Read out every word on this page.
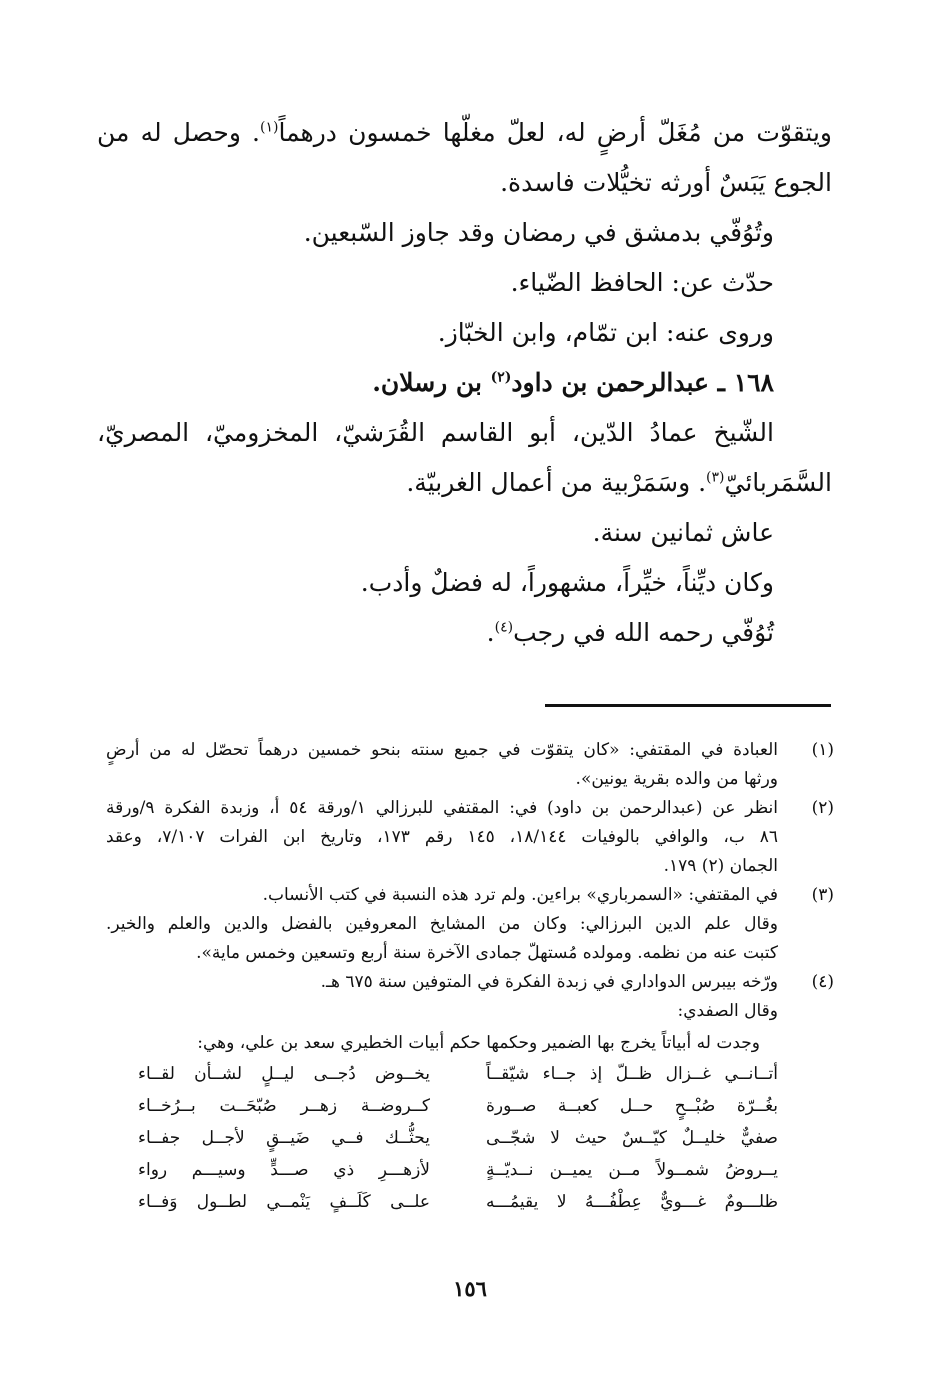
ويتقوّت من مُغَلّ أرضٍ له، لعلّ مغلّها خمسون درهماً$^{(١)}$. وحصل له من
الجوع يَبَسٌ أورثه تخيُّلات فاسدة.
وتُوُفّي بدمشق في رمضان وقد جاوز السّبعين.
حدّث عن: الحافظ الضّياء.
وروى عنه: ابن تمّام، وابن الخبّاز.
١٦٨ ـ عبدالرحمن بن داود$^{(٢)}$ بن رسلان.
الشّيخ عمادُ الدّين، أبو القاسم القُرَشيّ، المخزوميّ، المصريّ،
السَّمَربائيّ$^{(٣)}$. وسَمَرْبية من أعمال الغربيّة.
عاش ثمانين سنة.
وكان ديِّناً، خيِّراً، مشهوراً، له فضلٌ وأدب.
تُوُفّي رحمه الله في رجب$^{(٤)}$.
(١)
العبادة في المقتفي: «كان يتقوّت في جميع سنته بنحو خمسين درهماً تحصّل له من أرضٍ
ورثها من والده بقرية يونين».
(٢)
انظر عن (عبدالرحمن بن داود) في: المقتفي للبرزالي ١/ورقة ٥٤ أ، وزبدة الفكرة ٩/ورقة
٨٦ ب، والوافي بالوفيات ١٨/١٤٤، ١٤٥ رقم ١٧٣، وتاريخ ابن الفرات ٧/١٠٧، وعقد
الجمان (٢) ١٧٩.
(٣)
في المقتفي: «السمرباري» براءين. ولم ترد هذه النسبة في كتب الأنساب.
وقال علم الدين البرزالي: وكان من المشايخ المعروفين بالفضل والدين والعلم والخير.
كتبت عنه من نظمه. ومولده مُستهلّ جمادى الآخرة سنة أربع وتسعين وخمس ماية».
(٤)
ورّخه بيبرس الدواداري في زبدة الفكرة في المتوفين سنة ٦٧٥ هـ.
وقال الصفدي:
وجدت له أبياتاً يخرج بها الضمير وحكمها حكم أبيات الخطيري سعد بن علي، وهي:
أتــانــي غــزال ظــلّ إذ جــاء شيّقــاً
يخــوض دُجــى ليــلٍ لشــأن لقــاء
بغُــرّة صُبْــحٍ حــل كعبــة صــورة
كــروضــة زهــر صُبّحَــت بــرُخــاء
صفيٌّ خليــلٌ كيّــسٌ حيث لا شجّــى
يحثُّــك فــي ضَيــقٍ لأجــل جفــاء
يــروضُ شمــولاً مــن يميــن نــديّــةٍ
لأزهـــرِ ذي صـــدٍّ وسيـــم رواء
ظلـــومٌ غـــويٌّ عِطْفُـــهُ لا يقيمُـــه
علــى كَلَــفٍ يَنْمــي لطــول وَفــاء
١٥٦
